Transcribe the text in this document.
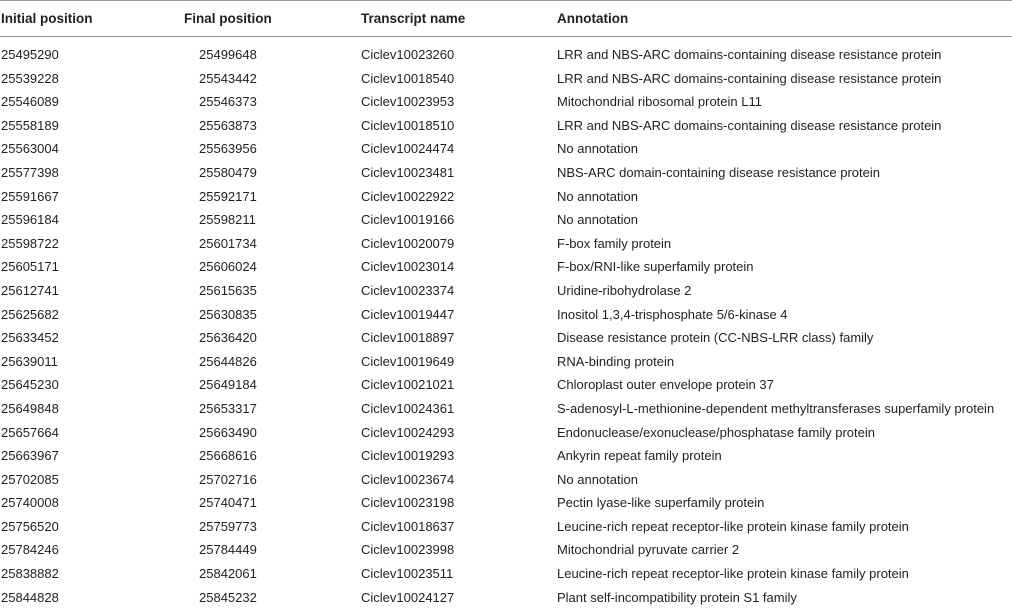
Initial position	Final position	Transcript name	Annotation
25495290	25499648	Ciclev10023260	LRR and NBS-ARC domains-containing disease resistance protein
25539228	25543442	Ciclev10018540	LRR and NBS-ARC domains-containing disease resistance protein
25546089	25546373	Ciclev10023953	Mitochondrial ribosomal protein L11
25558189	25563873	Ciclev10018510	LRR and NBS-ARC domains-containing disease resistance protein
25563004	25563956	Ciclev10024474	No annotation
25577398	25580479	Ciclev10023481	NBS-ARC domain-containing disease resistance protein
25591667	25592171	Ciclev10022922	No annotation
25596184	25598211	Ciclev10019166	No annotation
25598722	25601734	Ciclev10020079	F-box family protein
25605171	25606024	Ciclev10023014	F-box/RNI-like superfamily protein
25612741	25615635	Ciclev10023374	Uridine-ribohydrolase 2
25625682	25630835	Ciclev10019447	Inositol 1,3,4-trisphosphate 5/6-kinase 4
25633452	25636420	Ciclev10018897	Disease resistance protein (CC-NBS-LRR class) family
25639011	25644826	Ciclev10019649	RNA-binding protein
25645230	25649184	Ciclev10021021	Chloroplast outer envelope protein 37
25649848	25653317	Ciclev10024361	S-adenosyl-L-methionine-dependent methyltransferases superfamily protein
25657664	25663490	Ciclev10024293	Endonuclease/exonuclease/phosphatase family protein
25663967	25668616	Ciclev10019293	Ankyrin repeat family protein
25702085	25702716	Ciclev10023674	No annotation
25740008	25740471	Ciclev10023198	Pectin lyase-like superfamily protein
25756520	25759773	Ciclev10018637	Leucine-rich repeat receptor-like protein kinase family protein
25784246	25784449	Ciclev10023998	Mitochondrial pyruvate carrier 2
25838882	25842061	Ciclev10023511	Leucine-rich repeat receptor-like protein kinase family protein
25844828	25845232	Ciclev10024127	Plant self-incompatibility protein S1 family
